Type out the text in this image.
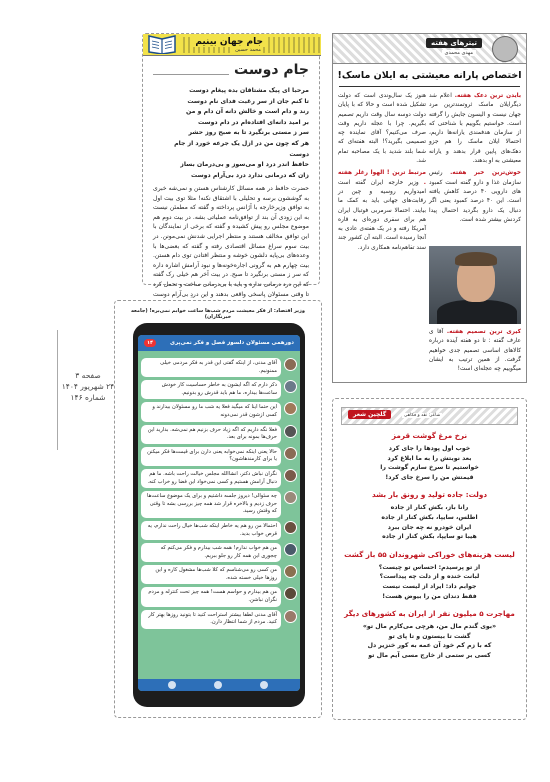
صفحه ۳
۲۴ شهریور ۱۴۰۴
شماره ۱۴۶
جام جهان بینیم
محمد حسین
جام دوست
مرحبا ای پیک مشتاقان بده پیغام دوست
تا کنم جان از سر رغبت فدای نام دوست
رند و دام است و خالش دانه آن دام و من
بر امید دانه‌ای افتاده‌ام در دام دوست
سر ز مستی برنگیرد تا به صبح روز حشر
هر که چون من در ازل یک جرعه خورد از جام دوست
حافظ اندر درد او می‌سوز و بی‌درمان بساز
زان که درمانی ندارد درد بی‌آرام دوست
حضرت حافظ در همه مسائل کارشناس هستن و نمی‌شه خبری به گوششون برسه و تحلیلی با اشتقاق نکنه! مثلا توی بیت اول به توافق وزیرخارجه با آژانس پرداخته و گفته که مطمئن نیست به این زودی آن بند از توافق‌نامه عملیاتی بشه. در بیت دوم هم موضوع مجلس رو پیش کشیده و گفته که برخی از نمایندگان با این توافق مخالف هستند و منتظر اجرایی شدنش نمی‌مونن. در بیت سوم سراغ مسائل اقتصادی رفته و گفته که بعضی‌ها با وعده‌های بی‌پایه دلشون خوشه و منتظر افتادن توی دام هستن. بیت چهارم هم به گرونی اجاره‌خونه‌ها و نبود آرامش اشاره داره که سر ز مستی برنگیرد تا صبح. در بیت آخر هم خیلی رک گفته که این درد درمانی نداره و باید با بی‌درمانی ساخت و تحمل کرد تا وقتی مسئولان پاسخی واقعی بدهند و این دردِ بی‌آرام دوست
تیترهای هفته
مهدی محمدی
اختصاص پارانه معیشتی به ایلان ماسک!

بایدن ترین دعک هفته. اعلام شد دیگرایلان ماسک ثروتمندترین مرد جهان نیست و الیسون جایش را گرفته است. خواستیم بگوییم با شناختی که از سازمان هدفمندی یارانه‌ها داریم، احتمالا ایلان ماسک را هم جزو دهک‌های پایین قرار بدهند و یارانه معیشتی به او بدهند.

خوش‌ترین خبر هفته. رئیس سازمان غذا و دارو گفته است کمبود های دارویی ۴۰ درصد کاهش یافته است. این ۴۰ درصد کمبود یعنی اگر دنبال یک دارو بگردید احتمال پیدا کردنش بیشتر شده است.

کیری ترین تصمیم هفته. آقا ی عارف گفته : تا دو هفته آینده درباره کالاهای اساسی تصمیم جدی خواهیم گرفت. از همین ترتیب به ایشان میگوییم چه عجله‌ای است!

هنوز یک سال‌وندی است که دولت تشکیل شده است و حالا که با پایان دولت دوسه سال وقت داریم تصمیم بگیریم. چرا با عجله داریم وقت صرف می‌کنیم؟ آقای نماینده چه تصمیمی بگیرید؟! البته هفته‌ای که شما بلند شدید با یک مصاحبه تمام شد.

مرتبط ترین ! الهوا رغلر هفته . وزیر خارجه ایران گفته است امیدواریم روسیه و چین در رقابت‌های جهانی باید به کمک ما بیایند. احتمالا سرمربی فوتبال ایران هم برای سفری دوره‌ای به قاره آمریکا رفته و در یک هفته‌ی عادی به آنجا رسیده است. البته آن کشور جند سند تفاهم‌نامه همکاری دارد.

وزیر اقتصاد: از فکر معیشت مردم شب‌ها ساعت خوابم نمی‌بره! (جامعه خبرنگاران)
دورهمی مسئولان دلسوز فصل و فکر نمی‌پری
۱۴
آقای مدنی، از اینکه گفتی این قدر به فکر مردمی خیلی ممنونیم.
ذکر دارم که اگه ایشون به خاطر حساسیت کار خودش ساعت‌ها بیداره، ما هم باید قدرش رو بدونیم.
این حتما اینا که میگید فعلا یه شب ما رو مسئولان بیدارند و کسی ازشون قدر نمی‌دونه
فعلا نگه داریم که اگه زیاد حرف بزنیم هم نمی‌شه. بذارید این حرف‌ها بمونه برای بعد.
حالا یعنی اینکه نمی‌خوابه یعنی دارن برای قیمت‌ها فکر میکنن یا برای کارمندهاشون؟
نگران نباش دکتر، انشاالله مجلس خیالت راحت باشه. ما هم دنبال آرامش هستیم و کسی نمی‌خواد این فضا رو خراب کنه.
چه سئوالی! دیروز جلسه داشتیم و برای یک موضوع ساعت‌ها حرف زدیم و بالاخره قرار شد همه چیز بررسی بشه تا وقتی که وقتش رسید.
احتمالا من رو هم یه خاطر اینکه شب‌ها خیال راحت ندارم، یه قرص خواب بدید.
من هم خواب ندارم! همه شب بیدارم و فکر می‌کنم که چجوری این همه کار رو جلو ببریم.
من کسی رو می‌شناسم که کلا شب‌ها مشغول کاره و این روزها خیلی خسته شده.
من هم بیدارم و حواسم هست! همه چیز تحت کنترله و مردم نگران نباشن.
آقای مدنی لطفا بیشتر استراحت کنید تا بتونید روزها بهتر کار کنید. مردم از شما انتظار دارن.
گلچین شعر	شاعر: نقد و فکاهی
نرخ مرغ گوشت قرمز
خوب اول پودها را جای کرد
بعد نوبتش را به ما ابلاغ کرد
خواستیم تا سرخ سازم گوشت را
قیمتش من را سرخ جای کرد!
دولت: جاده تولید و رونق بار بشد
رانا باز، بکش کنار از جاده
اطلس، سایپا، بکش کنار از جاده
ایران خودرو نه چه جان ببرد
هیبا تو سایپا، بکش کنار از جاده
لیست هزینه‌های خوراکی شهروندان ۵۵ باز گشت
از تو پرسیدم: احساس تو چیست؟
لبانت خنده و از دلت چه پیداست؟
جوابم داد: ایراد از لیست نیست
فقط دندان من را بیوض هست!
مهاجرت ۵ میلیون نفر از ایران به کشورهای دیگر
«بوی گندم مال من، هرچی می‌کارم مال تو»
گشت تا بیستون و تا پای تو
که با زم کم خود آن عمه به کور خنزیر دل
کسی بر ستمی از خارج مسی آیم مال تو
